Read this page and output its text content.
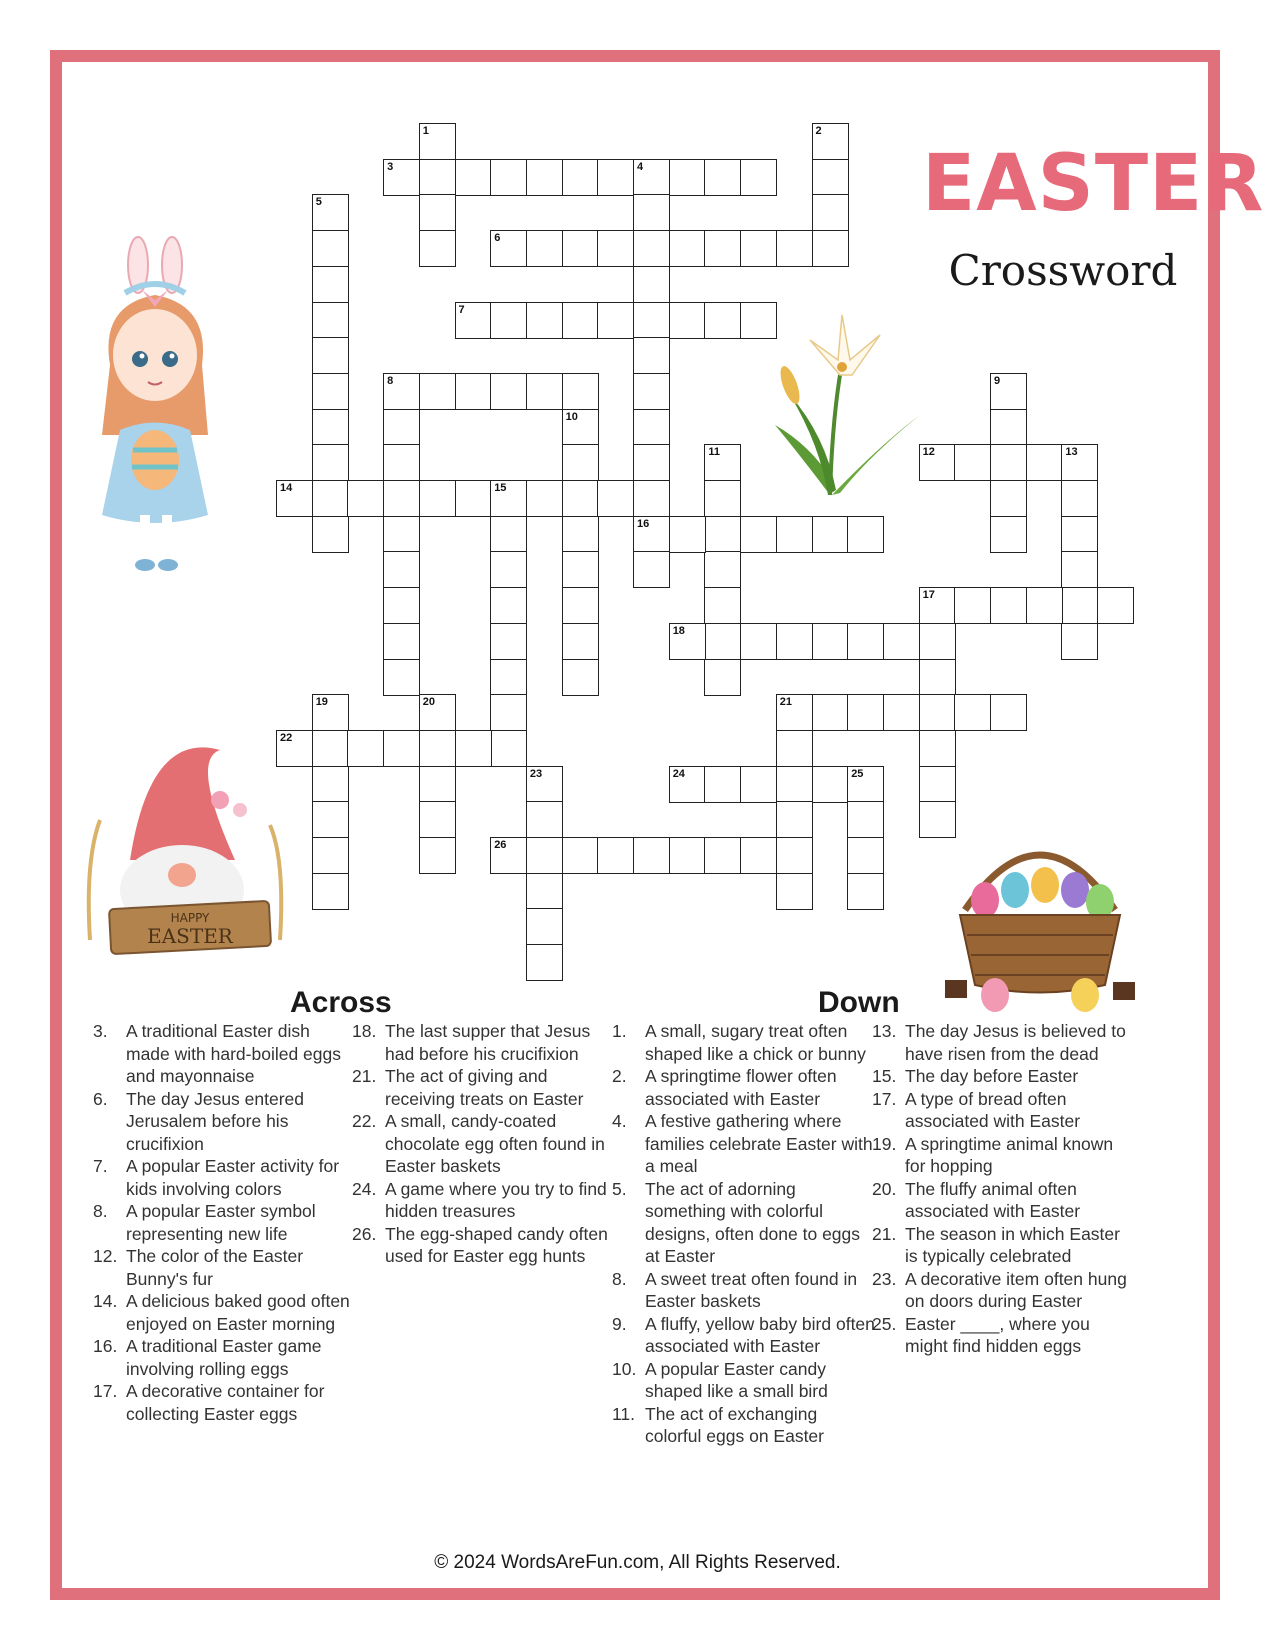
EASTER
Crossword
1	2
3	4
5
6
7
8	9
10
11	12	13
14	15
16
17
18
19	20	21
22
23	24	25
26
HAPPY
EASTER
Across	Down
3.	A traditional Easter dish made with hard-boiled eggs and mayonnaise
6.	The day Jesus entered Jerusalem before his crucifixion
7.	A popular Easter activity for kids involving colors
8.	A popular Easter symbol representing new life
12. The color of the Easter Bunny's fur
14. A delicious baked good often enjoyed on Easter morning
16. A traditional Easter game involving rolling eggs
17. A decorative container for collecting Easter eggs
18. The last supper that Jesus had before his crucifixion
21. The act of giving and receiving treats on Easter
22. A small, candy-coated chocolate egg often found in Easter baskets
24. A game where you try to find hidden treasures
26. The egg-shaped candy often used for Easter egg hunts
1.	A small, sugary treat often shaped like a chick or bunny
2.	A springtime flower often associated with Easter
4.	A festive gathering where families celebrate Easter with a meal
5.	The act of adorning something with colorful designs, often done to eggs at Easter
8.	A sweet treat often found in Easter baskets
9.	A fluffy, yellow baby bird often associated with Easter
10. A popular Easter candy shaped like a small bird
11. The act of exchanging colorful eggs on Easter
13. The day Jesus is believed to have risen from the dead
15. The day before Easter
17. A type of bread often associated with Easter
19. A springtime animal known for hopping
20. The fluffy animal often associated with Easter
21. The season in which Easter is typically celebrated
23. A decorative item often hung on doors during Easter
25. Easter ____, where you might find hidden eggs
© 2024 WordsAreFun.com, All Rights Reserved.
